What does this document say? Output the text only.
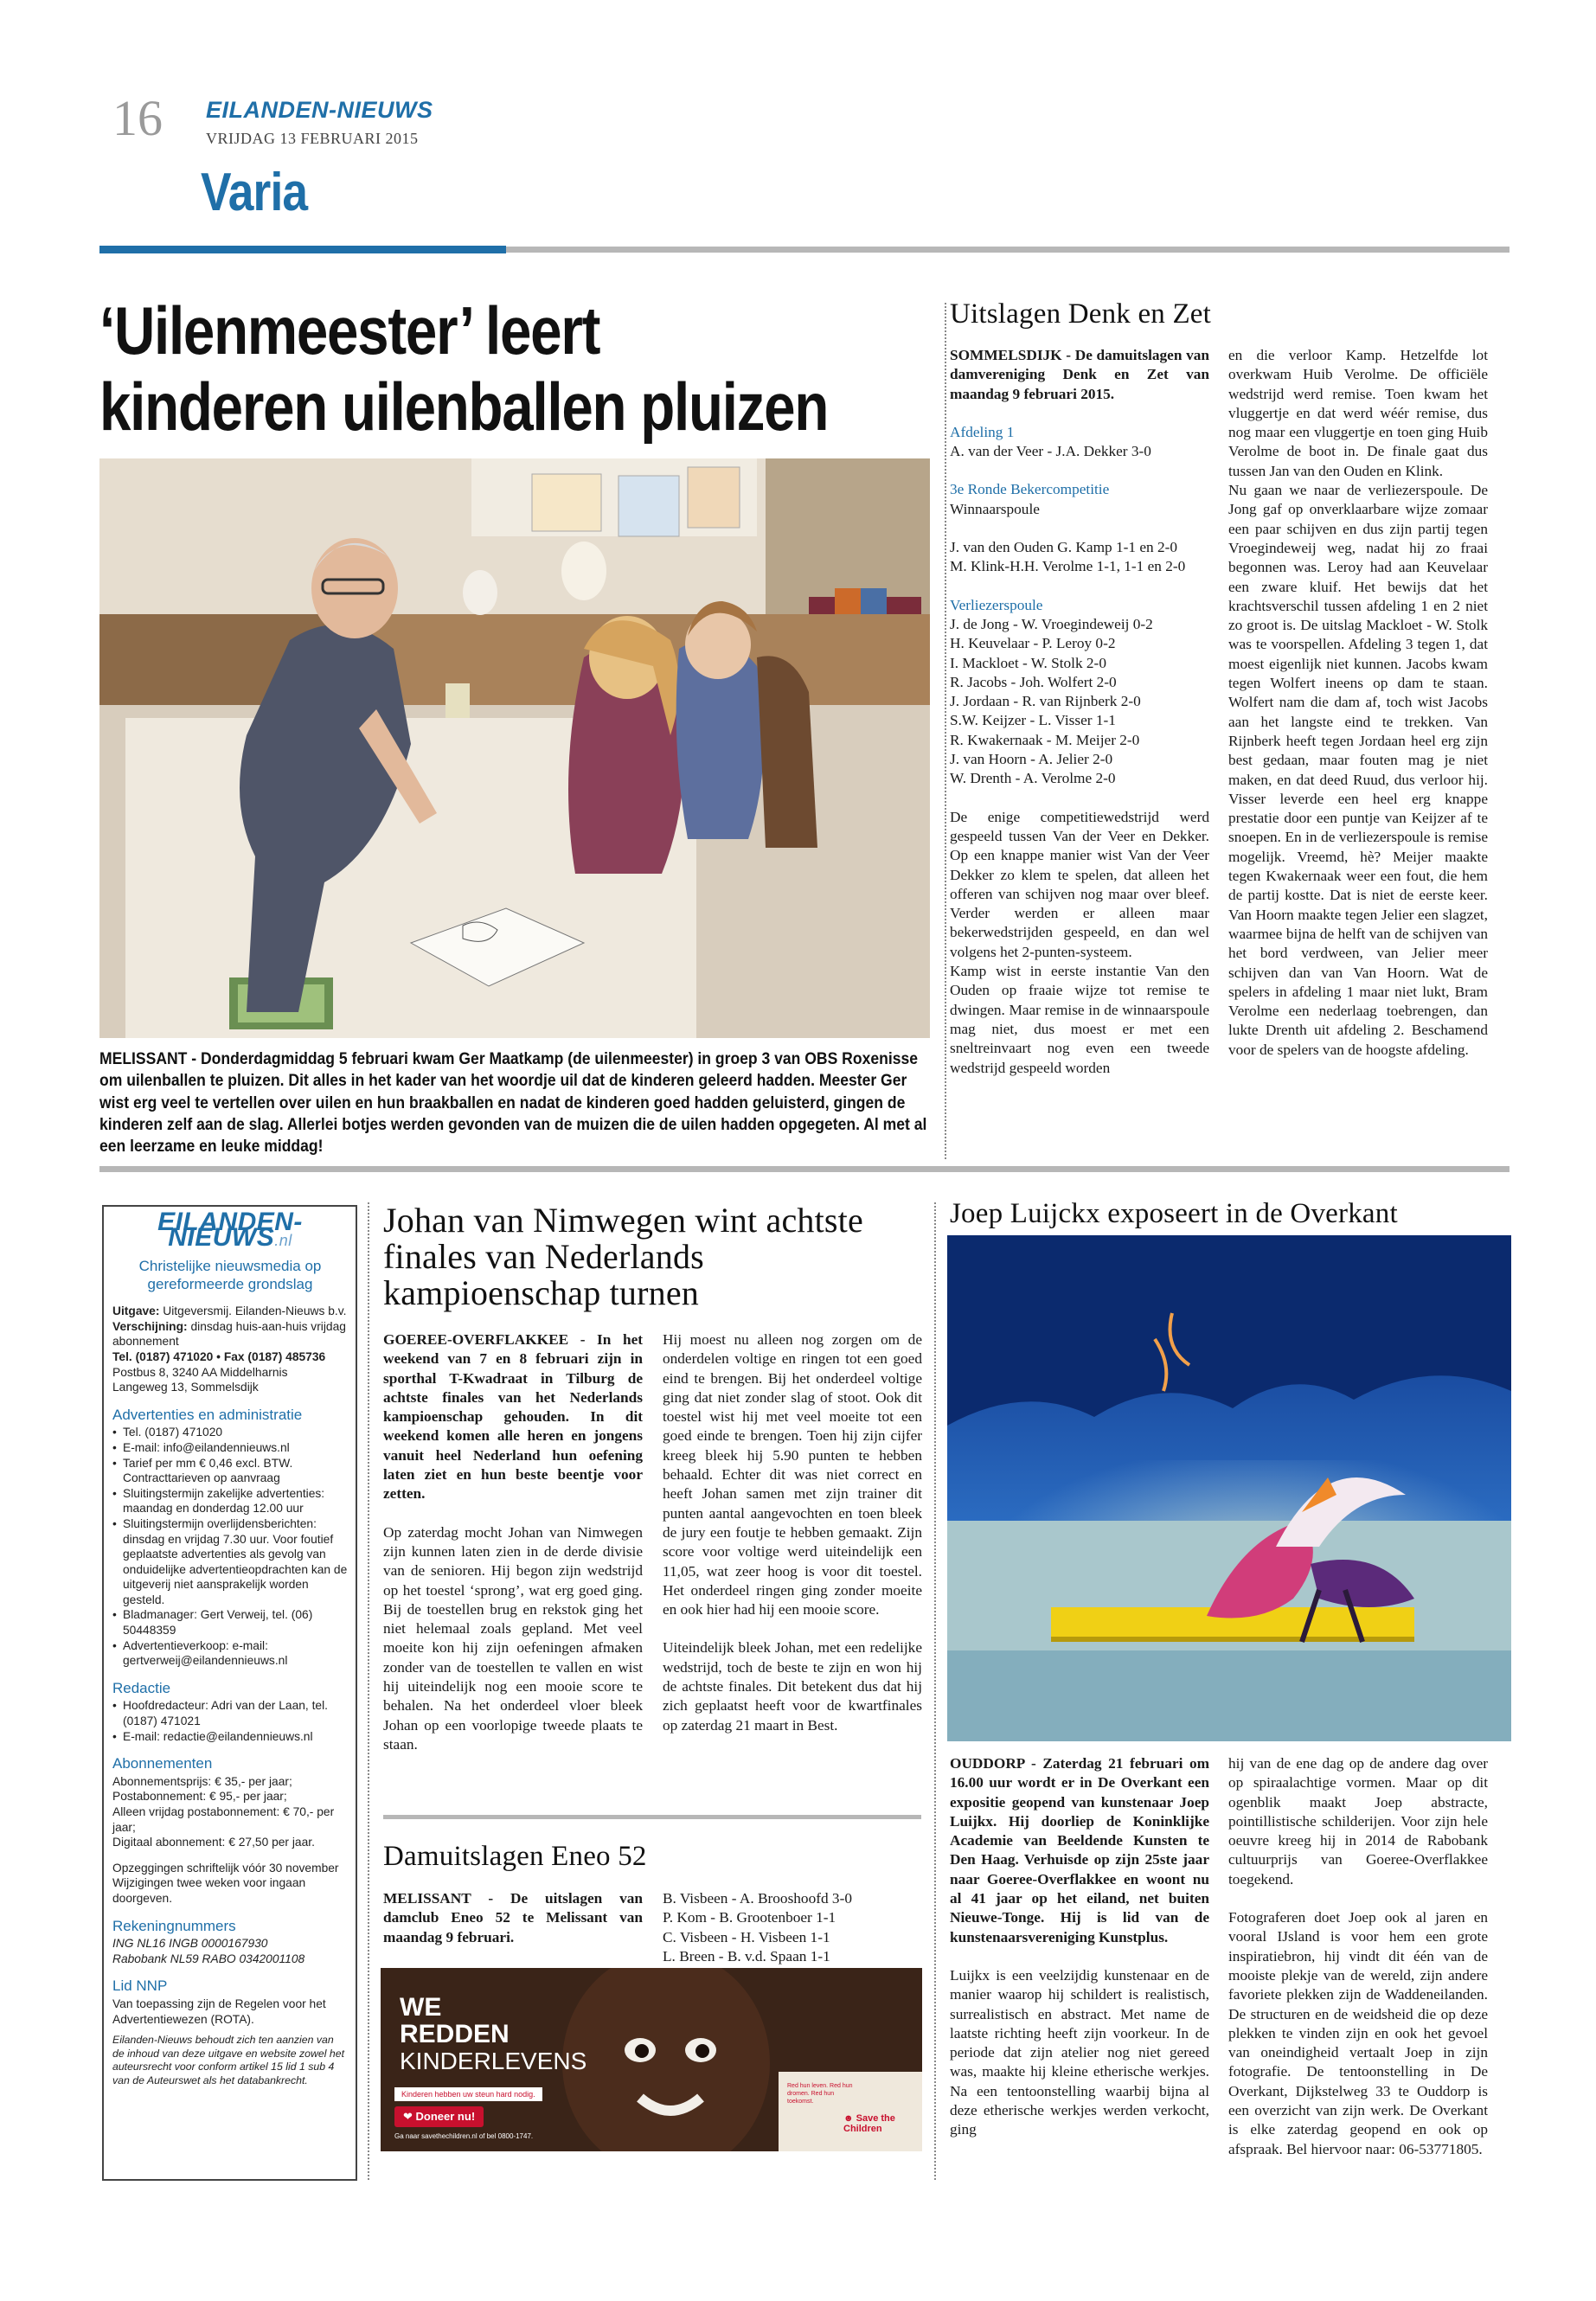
16 EILANDEN-NIEUWS
VRIJDAG 13 FEBRUARI 2015
Varia
‘Uilenmeester’ leert
kinderen uilenballen pluizen
MELISSANT - Donderdagmiddag 5 februari kwam Ger Maatkamp (de uilenmeester) in groep 3 van OBS Roxenisse om uilenballen te pluizen. Dit alles in het kader van het woordje uil dat de kinderen geleerd hadden. Meester Ger wist erg veel te vertellen over uilen en hun braakballen en nadat de kinderen goed hadden geluisterd, gingen de kinderen zelf aan de slag. Allerlei botjes werden gevonden van de muizen die de uilen hadden opgegeten. Al met al een leerzame en leuke middag!
Uitslagen Denk en Zet

SOMMELSDIJK - De damuitslagen van damvereniging Denk en Zet van maandag 9 februari 2015.

Afdeling 1

A. van der Veer - J.A. Dekker 3-0

3e Ronde Bekercompetitie

Winnaarspoule

J. van den Ouden G. Kamp 1-1 en 2-0

M. Klink-H.H. Verolme 1-1, 1-1 en 2-0

Verliezerspoule

J. de Jong - W. Vroegindeweij 0-2

H. Keuvelaar - P. Leroy 0-2

I. Mackloet - W. Stolk 2-0

R. Jacobs - Joh. Wolfert 2-0

J. Jordaan - R. van Rijnberk 2-0

S.W. Keijzer - L. Visser 1-1

R. Kwakernaak - M. Meijer 2-0

J. van Hoorn - A. Jelier 2-0

W. Drenth - A. Verolme 2-0

De enige competitiewedstrijd werd gespeeld tussen Van der Veer en Dekker. Op een knappe manier wist Van der Veer Dekker zo klem te spelen, dat alleen het offeren van schijven nog maar over bleef. Verder werden er alleen maar bekerwedstrijden gespeeld, en dan wel volgens het 2-punten-systeem.

Kamp wist in eerste instantie Van den Ouden op fraaie wijze tot remise te dwingen. Maar remise in de winnaarspoule mag niet, dus moest er met een sneltreinvaart nog even een tweede wedstrijd gespeeld worden

en die verloor Kamp. Hetzelfde lot overkwam Huib Verolme. De officiële wedstrijd werd remise. Toen kwam het vluggertje en dat werd wéér remise, dus nog maar een vluggertje en toen ging Huib Verolme de boot in. De finale gaat dus tussen Jan van den Ouden en Klink.

Nu gaan we naar de verliezerspoule. De Jong gaf op onverklaarbare wijze zomaar een paar schijven en dus zijn partij tegen Vroegindeweij weg, nadat hij zo fraai begonnen was. Leroy had aan Keuvelaar een zware kluif. Het bewijs dat het krachtsverschil tussen afdeling 1 en 2 niet zo groot is. De uitslag Mackloet - W. Stolk was te voorspellen. Afdeling 3 tegen 1, dat moest eigenlijk niet kunnen. Jacobs kwam tegen Wolfert ineens op dam te staan. Wolfert nam die dam af, toch wist Jacobs aan het langste eind te trekken. Van Rijnberk heeft tegen Jordaan heel erg zijn best gedaan, maar fouten mag je niet maken, en dat deed Ruud, dus verloor hij. Visser leverde een heel erg knappe prestatie door een puntje van Keijzer af te snoepen. En in de verliezerspoule is remise mogelijk. Vreemd, hè? Meijer maakte tegen Kwakernaak weer een fout, die hem de partij kostte. Dat is niet de eerste keer. Van Hoorn maakte tegen Jelier een slagzet, waarmee bijna de helft van de schijven van het bord verdween, van Jelier meer schijven dan van Van Hoorn. Wat de spelers in afdeling 1 maar niet lukt, Bram Verolme een nederlaag toebrengen, dan lukte Drenth uit afdeling 2. Beschamend voor de spelers van de hoogste afdeling.

EILANDEN-NIEUWS.nl
Christelijke nieuwsmedia op gereformeerde grondslag
Uitgave: Uitgeversmij. Eilanden-Nieuws b.v.
Verschijning: dinsdag huis-aan-huis vrijdag abonnement
Tel. (0187) 471020 • Fax (0187) 485736
Postbus 8, 3240 AA Middelharnis
Langeweg 13, Sommelsdijk
Advertenties en administratie
• Tel. (0187) 471020
• E-mail: info@eilandennieuws.nl
• Tarief per mm € 0,46 excl. BTW. Contracttarieven op aanvraag
• Sluitingstermijn zakelijke advertenties: maandag en donderdag 12.00 uur
• Sluitingstermijn overlijdensberichten: dinsdag en vrijdag 7.30 uur. Voor foutief geplaatste advertenties als gevolg van onduidelijke advertentieopdrachten kan de uitgeverij niet aansprakelijk worden gesteld.
• Bladmanager: Gert Verweij, tel. (06) 50448359
• Advertentieverkoop: e-mail: gertverweij@eilandennieuws.nl
Redactie
• Hoofdredacteur: Adri van der Laan, tel. (0187) 471021
• E-mail: redactie@eilandennieuws.nl
Abonnementen
Abonnementsprijs: € 35,- per jaar;
Postabonnement: € 95,- per jaar;
Alleen vrijdag postabonnement: € 70,- per jaar;
Digitaal abonnement: € 27,50 per jaar.
Opzeggingen schriftelijk vóór 30 november Wijzigingen twee weken voor ingaan doorgeven.
Rekeningnummers
ING NL16 INGB 0000167930
Rabobank NL59 RABO 0342001108
Lid NNP
Van toepassing zijn de Regelen voor het Advertentiewezen (ROTA).
Eilanden-Nieuws behoudt zich ten aanzien van de inhoud van deze uitgave en website zowel het auteursrecht voor conform artikel 15 lid 1 sub 4 van de Auteurswet als het databankrecht.
Johan van Nimwegen wint achtste finales van Nederlands kampioenschap turnen

GOEREE-OVERFLAKKEE - In het weekend van 7 en 8 februari zijn in sporthal T-Kwadraat in Tilburg de achtste finales van het Nederlands kampioenschap gehouden. In dit weekend komen alle heren en jongens vanuit heel Nederland hun oefening laten ziet en hun beste beentje voor zetten.

Op zaterdag mocht Johan van Nimwegen zijn kunnen laten zien in de derde divisie van de senioren. Hij begon zijn wedstrijd op het toestel ‘sprong’, wat erg goed ging. Bij de toestellen brug en rekstok ging het niet helemaal zoals gepland. Met veel moeite kon hij zijn oefeningen afmaken zonder van de toestellen te vallen en wist hij uiteindelijk nog een mooie score te behalen. Na het onderdeel vloer bleek Johan op een voorlopige tweede plaats te staan.

Hij moest nu alleen nog zorgen om de onderdelen voltige en ringen tot een goed eind te brengen. Bij het onderdeel voltige ging dat niet zonder slag of stoot. Ook dit toestel wist hij met veel moeite tot een goed einde te brengen. Toen hij zijn cijfer kreeg bleek hij 5.90 punten te hebben behaald. Echter dit was niet correct en heeft Johan samen met zijn trainer dit punten aantal aangevochten en toen bleek de jury een foutje te hebben gemaakt. Zijn score voor voltige werd uiteindelijk een 11,05, wat zeer hoog is voor dit toestel. Het onderdeel ringen ging zonder moeite en ook hier had hij een mooie score.

Uiteindelijk bleek Johan, met een redelijke wedstrijd, toch de beste te zijn en won hij de achtste finales. Dit betekent dus dat hij zich geplaatst heeft voor de kwartfinales op zaterdag 21 maart in Best.

Damuitslagen Eneo 52
MELISSANT - De uitslagen van damclub Eneo 52 te Melissant van maandag 9 februari.

B. Visbeen - A. Brooshoofd 3-0

P. Kom - B. Grootenboer 1-1

C. Visbeen - H. Visbeen 1-1

L. Breen - B. v.d. Spaan 1-1

WE
REDDEN
KINDERLEVENS
Kinderen hebben uw steun hard nodig.
❤ Doneer nu!
Ga naar savethechildren.nl of bel 0800-1747.
Red hun leven. Red hun dromen. Red hun toekomst.
☻ Save the Children
Joep Luijckx exposeert in de Overkant

OUDDORP - Zaterdag 21 februari om 16.00 uur wordt er in De Overkant een expositie geopend van kunstenaar Joep Luijkx. Hij doorliep de Koninklijke Academie van Beeldende Kunsten te Den Haag. Verhuisde op zijn 25ste jaar naar Goeree-Overflakkee en woont nu al 41 jaar op het eiland, net buiten Nieuwe-Tonge. Hij is lid van de kunstenaarsvereniging Kunstplus.

Luijkx is een veelzijdig kunstenaar en de manier waarop hij schildert is realistisch, surrealistisch en abstract. Met name de laatste richting heeft zijn voorkeur. In de periode dat zijn atelier nog niet gereed was, maakte hij kleine etherische werkjes. Na een tentoonstelling waarbij bijna al deze etherische werkjes werden verkocht, ging

hij van de ene dag op de andere dag over op spiraalachtige vormen. Maar op dit ogenblik maakt Joep abstracte, pointillistische schilderijen. Voor zijn hele oeuvre kreeg hij in 2014 de Rabobank cultuurprijs van Goeree-Overflakkee toegekend.

Fotograferen doet Joep ook al jaren en vooral IJsland is voor hem een grote inspiratiebron, hij vindt dit één van de mooiste plekje van de wereld, zijn andere favoriete plekken zijn de Waddeneilanden. De structuren en de weidsheid die op deze plekken te vinden zijn en ook het gevoel van oneindigheid vertaalt Joep in zijn fotografie. De tentoonstelling in De Overkant, Dijkstelweg 33 te Ouddorp is een overzicht van zijn werk. De Overkant is elke zaterdag geopend en ook op afspraak. Bel hiervoor naar: 06-53771805.
